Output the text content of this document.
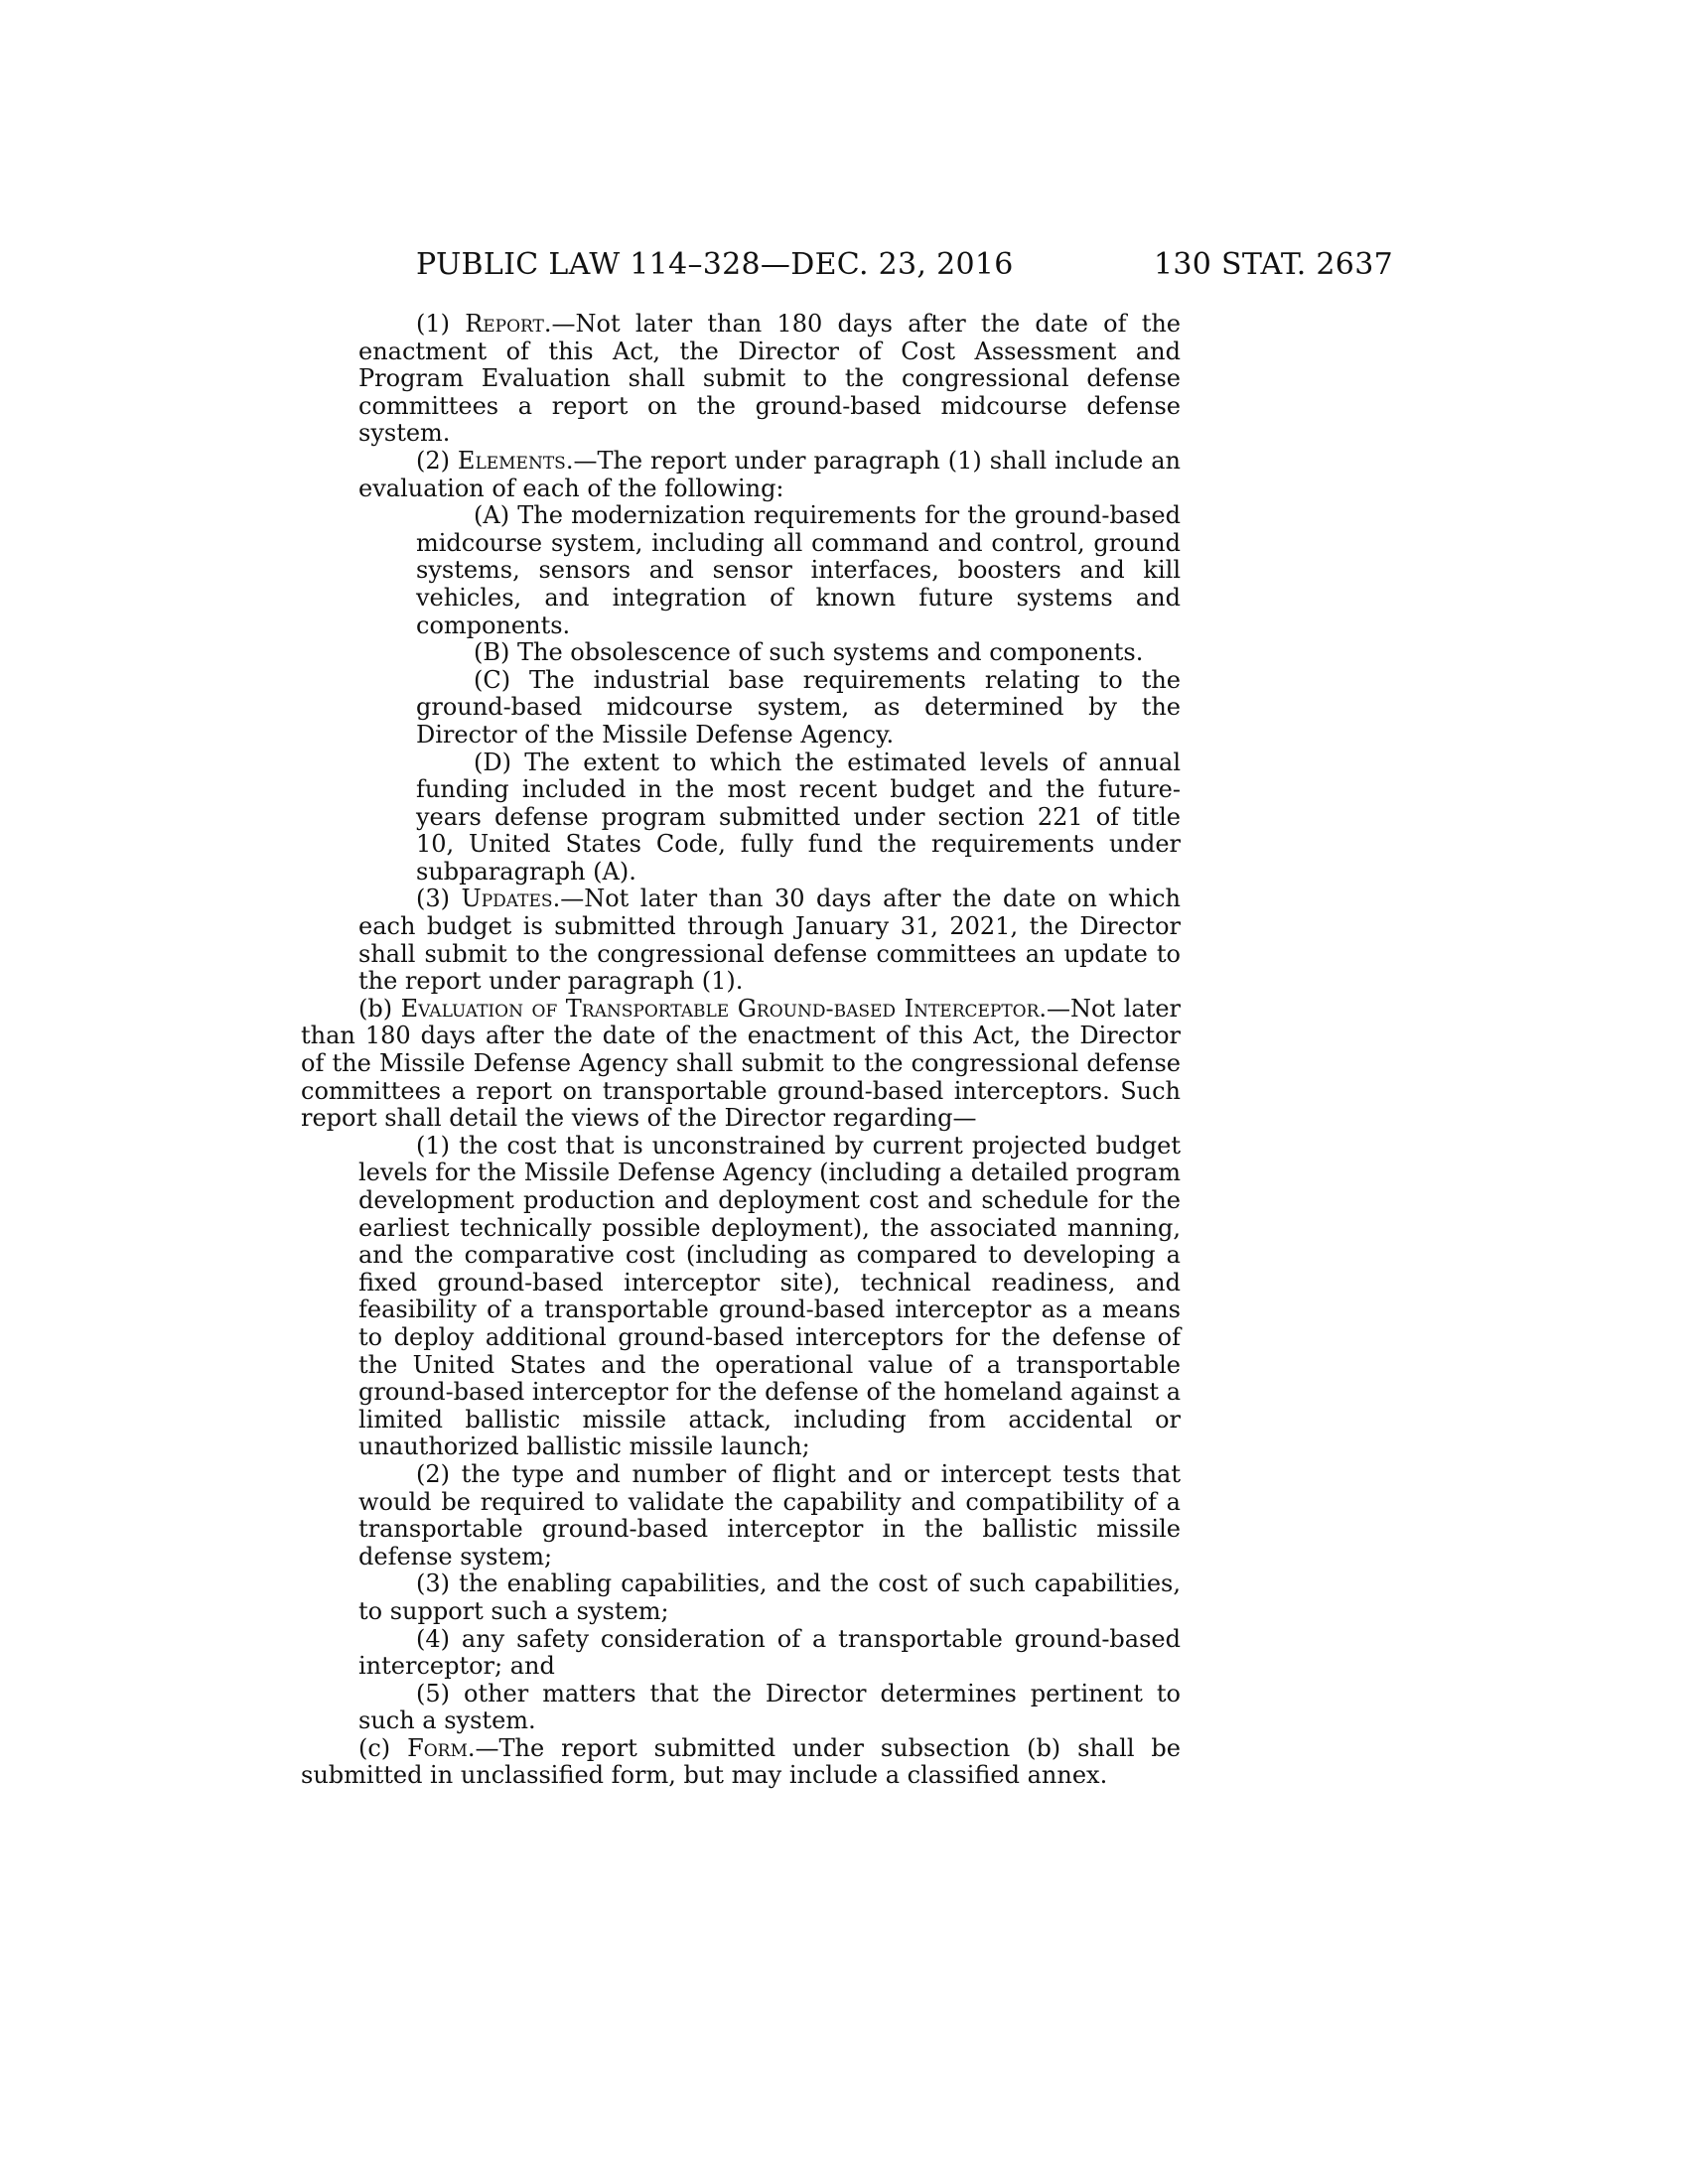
PUBLIC LAW 114–328—DEC. 23, 2016	130 STAT. 2637

(1) Report.—Not later than 180 days after the date of the enactment of this Act, the Director of Cost Assessment and Program Evaluation shall submit to the congressional defense committees a report on the ground-based midcourse defense system.

(2) Elements.—The report under paragraph (1) shall include an evaluation of each of the following:

(A) The modernization requirements for the ground-based midcourse system, including all command and control, ground systems, sensors and sensor interfaces, boosters and kill vehicles, and integration of known future systems and components.

(B) The obsolescence of such systems and components.

(C) The industrial base requirements relating to the ground-based midcourse system, as determined by the Director of the Missile Defense Agency.

(D) The extent to which the estimated levels of annual funding included in the most recent budget and the future-years defense program submitted under section 221 of title 10, United States Code, fully fund the requirements under subparagraph (A).

(3) Updates.—Not later than 30 days after the date on which each budget is submitted through January 31, 2021, the Director shall submit to the congressional defense committees an update to the report under paragraph (1).

(b) Evaluation of Transportable Ground-based Interceptor.—Not later than 180 days after the date of the enactment of this Act, the Director of the Missile Defense Agency shall submit to the congressional defense committees a report on transportable ground-based interceptors. Such report shall detail the views of the Director regarding—

(1) the cost that is unconstrained by current projected budget levels for the Missile Defense Agency (including a detailed program development production and deployment cost and schedule for the earliest technically possible deployment), the associated manning, and the comparative cost (including as compared to developing a fixed ground-based interceptor site), technical readiness, and feasibility of a transportable ground-based interceptor as a means to deploy additional ground-based interceptors for the defense of the United States and the operational value of a transportable ground-based interceptor for the defense of the homeland against a limited ballistic missile attack, including from accidental or unauthorized ballistic missile launch;

(2) the type and number of flight and or intercept tests that would be required to validate the capability and compatibility of a transportable ground-based interceptor in the ballistic missile defense system;

(3) the enabling capabilities, and the cost of such capabilities, to support such a system;

(4) any safety consideration of a transportable ground-based interceptor; and

(5) other matters that the Director determines pertinent to such a system.

(c) Form.—The report submitted under subsection (b) shall be submitted in unclassified form, but may include a classified annex.
